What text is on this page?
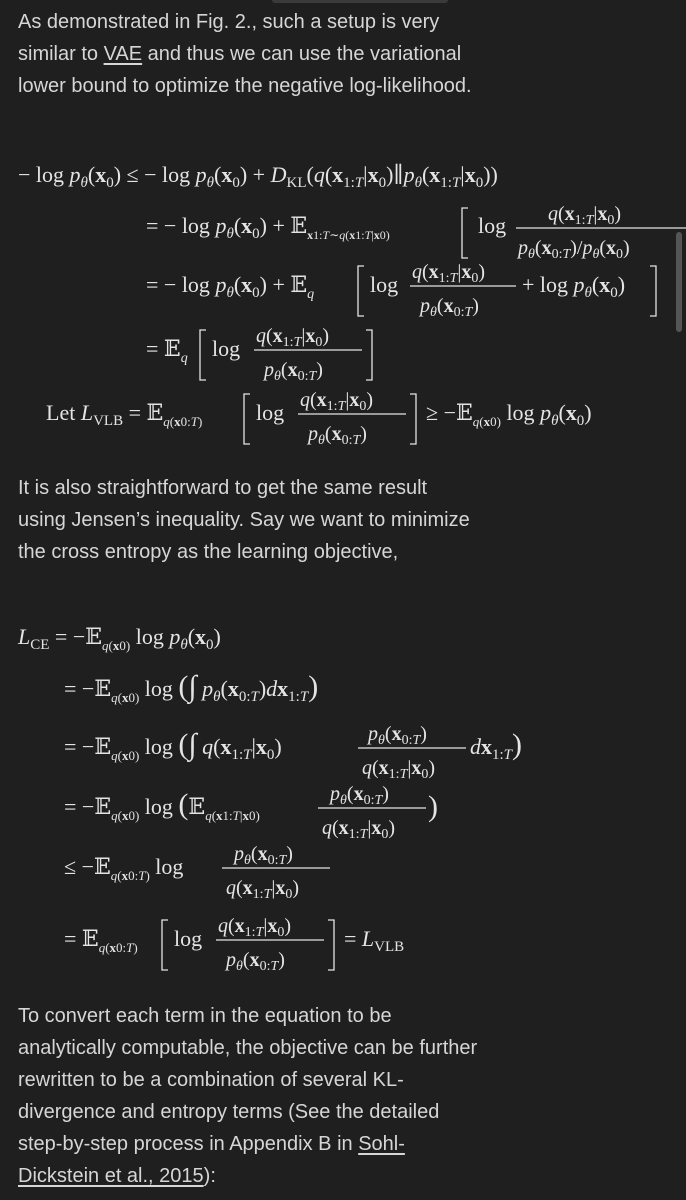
As demonstrated in Fig. 2., such a setup is very similar to VAE and thus we can use the variational lower bound to optimize the negative log-likelihood.

− $\log p_\theta(x_0)$ ≤ − $\log p_\theta(x_0)$ + $D_{KL}(q(x_{1:T}|x_0)\parallel p_\theta(x_{1:T}|x_0))$
= − $\log p_\theta(x_0)$ + 𝔼$_{x1:T\sim q(x1:T|x0)}$	$\log q(x_{1:T}|x_0)$
$p_\theta(x_{0:T})/p_\theta(x_0)$
= − $\log p_\theta(x_0)$ + 𝔼$_q$	$\log q(x_{1:T}|x_0)$
$p_\theta(x_{0:T})$
+ $\log p_\theta(x_0)$
= 𝔼$_q$ $\log q(x_{1:T}|x_0)$
$p_\theta(x_{0:T})$
Let $L_{VLB}$ = 𝔼$_{q(x0:T)}$ $\log q(x_{1:T}|x_0)$
$p_\theta(x_{0:T})$
≥ −𝔼$_{q(x0)}$ $\log p_\theta(x_0)$

It is also straightforward to get the same result using Jensen’s inequality. Say we want to minimize the cross entropy as the learning objective,

$L_{CE}$ = −𝔼$_{q(x0)}$ $\log p_\theta(x_0)$
= −𝔼$_{q(x0)}$ log (∫ $p_\theta(x_{0:T})dx_{1:T}$)
= −𝔼$_{q(x0)}$ log (∫ $q(x_{1:T}|x_0)$	$p_\theta(x_{0:T})$
$q(x_{1:T}|x_0)$
$dx_{1:T}$)
= −𝔼$_{q(x0)}$ log (𝔼$_{q(x1:T|x0)}$
$p_\theta(x_{0:T})$
$q(x_{1:T}|x_0)$
)
≤ −𝔼$_{q(x0:T)}$ log	$p_\theta(x_{0:T})$
$q(x_{1:T}|x_0)$
= 𝔼$_{q(x0:T)}$ $\log q(x_{1:T}|x_0)$
$p_\theta(x_{0:T})$
= $L_{VLB}$

To convert each term in the equation to be analytically computable, the objective can be further rewritten to be a combination of several KL-divergence and entropy terms (See the detailed step-by-step process in Appendix B in Sohl-Dickstein et al., 2015):
